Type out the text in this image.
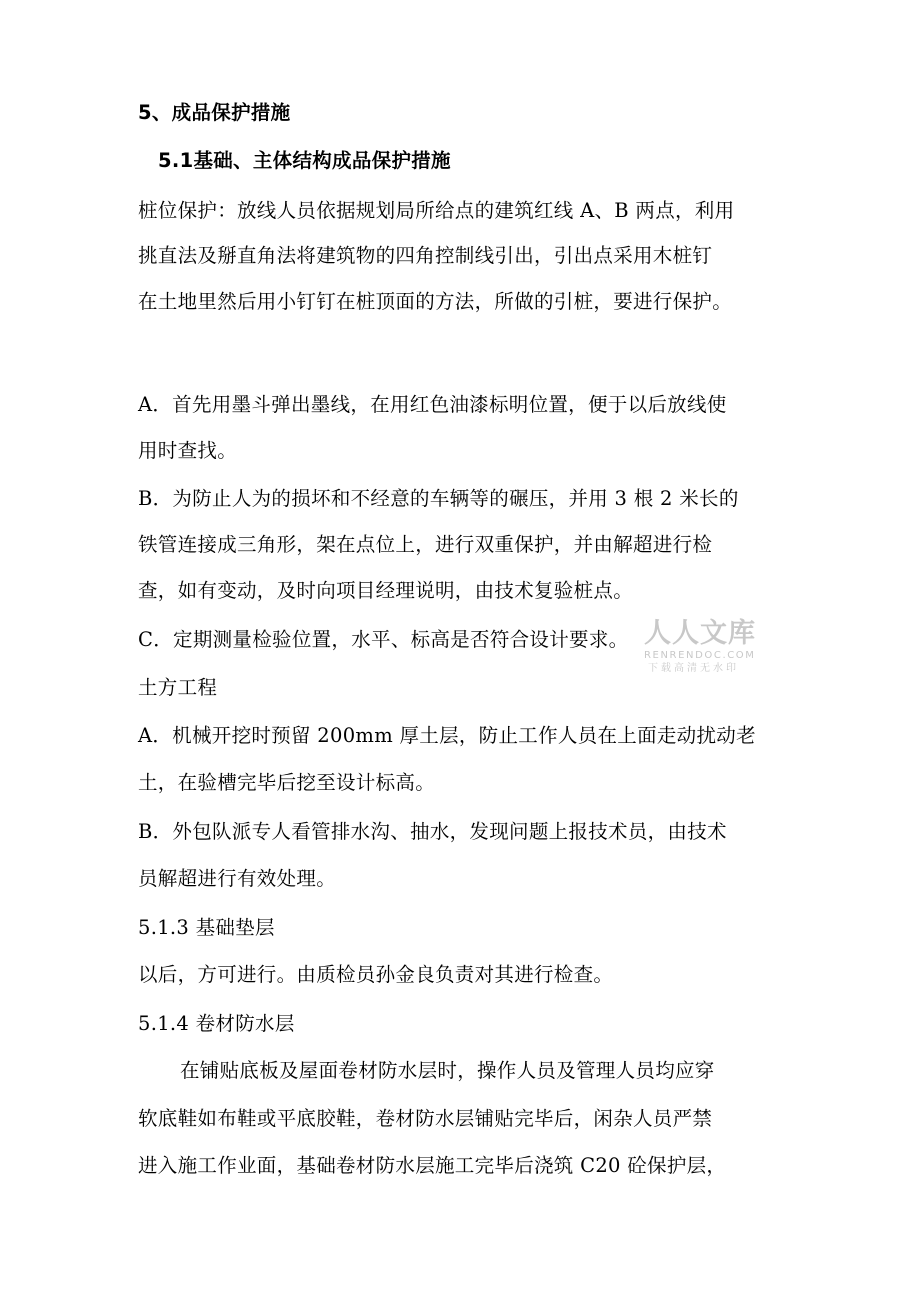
5、成品保护措施
5.1基础、主体结构成品保护措施
桩位保护：放线人员依据规划局所给点的建筑红线 A、B 两点，利用
挑直法及掰直角法将建筑物的四角控制线引出，引出点采用木桩钉
在土地里然后用小钉钉在桩顶面的方法，所做的引桩，要进行保护。
A．首先用墨斗弹出墨线，在用红色油漆标明位置，便于以后放线使
用时查找。
B．为防止人为的损坏和不经意的车辆等的碾压，并用 3 根 2 米长的
铁管连接成三角形，架在点位上，进行双重保护，并由解超进行检
查，如有变动，及时向项目经理说明，由技术复验桩点。
C．定期测量检验位置，水平、标高是否符合设计要求。
土方工程
A．机械开挖时预留 200mm 厚土层，防止工作人员在上面走动扰动老
土，在验槽完毕后挖至设计标高。
B．外包队派专人看管排水沟、抽水，发现问题上报技术员，由技术
员解超进行有效处理。
5.1.3 基础垫层
以后，方可进行。由质检员孙金良负责对其进行检查。
5.1.4 卷材防水层
在铺贴底板及屋面卷材防水层时，操作人员及管理人员均应穿
软底鞋如布鞋或平底胶鞋，卷材防水层铺贴完毕后，闲杂人员严禁
进入施工作业面，基础卷材防水层施工完毕后浇筑 C20 砼保护层，
人人文库
RENRENDOC.COM
下载高清无水印
